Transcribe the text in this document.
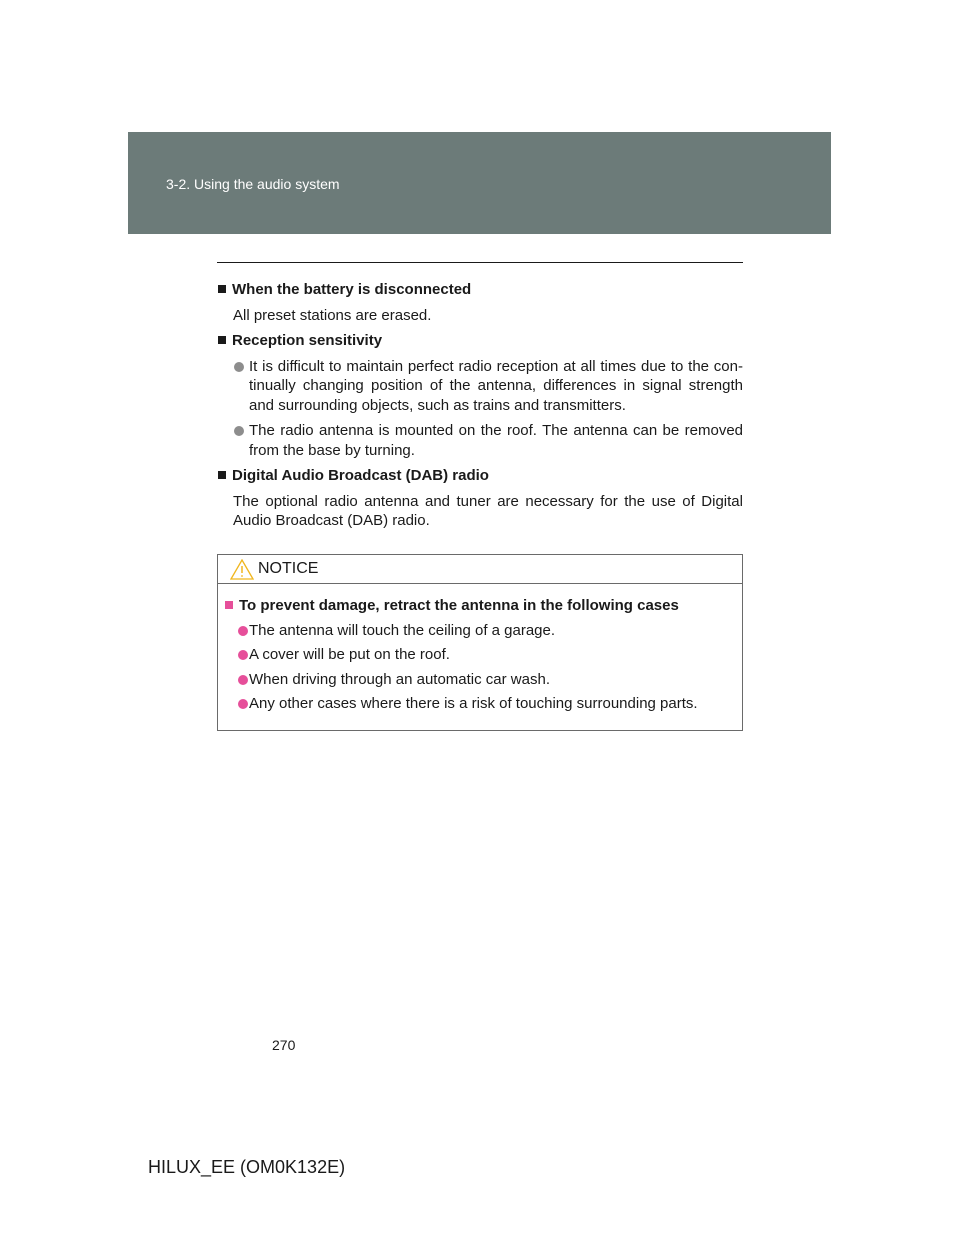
3-2. Using the audio system
When the battery is disconnected
All preset stations are erased.
Reception sensitivity
It is difficult to maintain perfect radio reception at all times due to the con-tinually changing position of the antenna, differences in signal strength and surrounding objects, such as trains and transmitters.
The radio antenna is mounted on the roof. The antenna can be removed from the base by turning.
Digital Audio Broadcast (DAB) radio
The optional radio antenna and tuner are necessary for the use of Digital Audio Broadcast (DAB) radio.
NOTICE
To prevent damage, retract the antenna in the following cases
The antenna will touch the ceiling of a garage.
A cover will be put on the roof.
When driving through an automatic car wash.
Any other cases where there is a risk of touching surrounding parts.
270
HILUX_EE (OM0K132E)
